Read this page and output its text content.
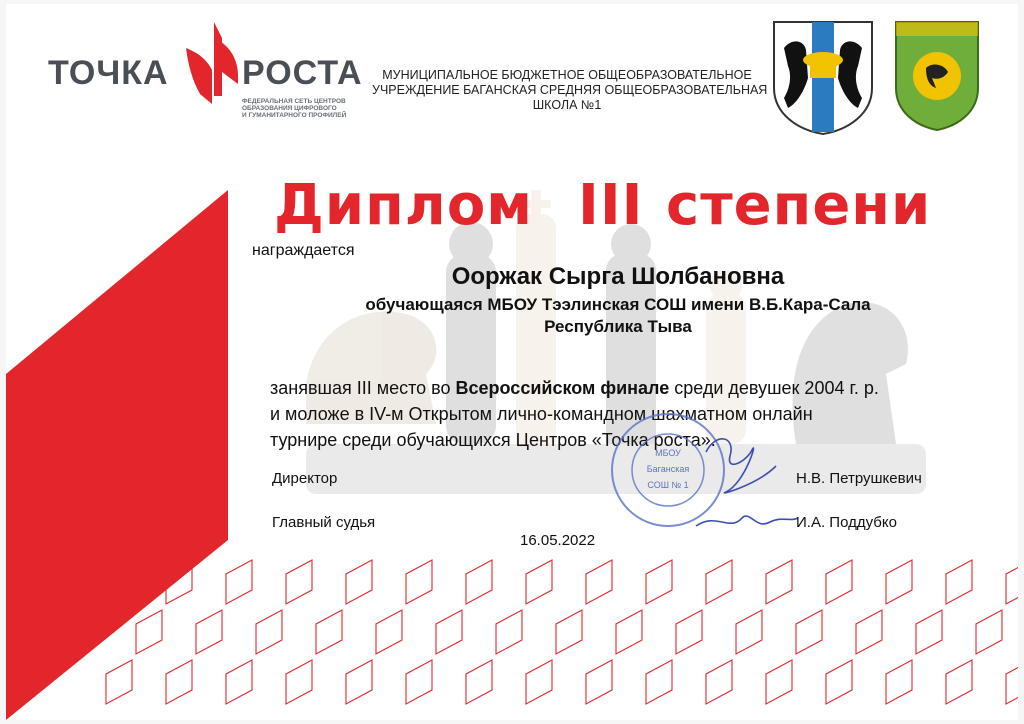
ТОЧКА РОСТА
ФЕДЕРАЛЬНАЯ СЕТЬ ЦЕНТРОВ
ОБРАЗОВАНИЯ ЦИФРОВОГО
И ГУМАНИТАРНОГО ПРОФИЛЕЙ
МУНИЦИПАЛЬНОЕ БЮДЖЕТНОЕ ОБЩЕОБРАЗОВАТЕЛЬНОЕ
УЧРЕЖДЕНИЕ БАГАНСКАЯ СРЕДНЯЯ ОБЩЕОБРАЗОВАТЕЛЬНАЯ
ШКОЛА №1
Диплом III степени
награждается
Ооржак Сырга Шолбановна
обучающаяся МБОУ Тээлинская СОШ имени В.Б.Кара-Сала
Республика Тыва
занявшая III место во Всероссийском финале среди девушек 2004 г. р.
и моложе в IV-м Открытом лично-командном шахматном онлайн
турнире среди обучающихся Центров «Точка роста».
МБОУ
Баганская
СОШ № 1
Директор	Н.В. Петрушкевич
Главный судья	И.А. Поддубко
16.05.2022
